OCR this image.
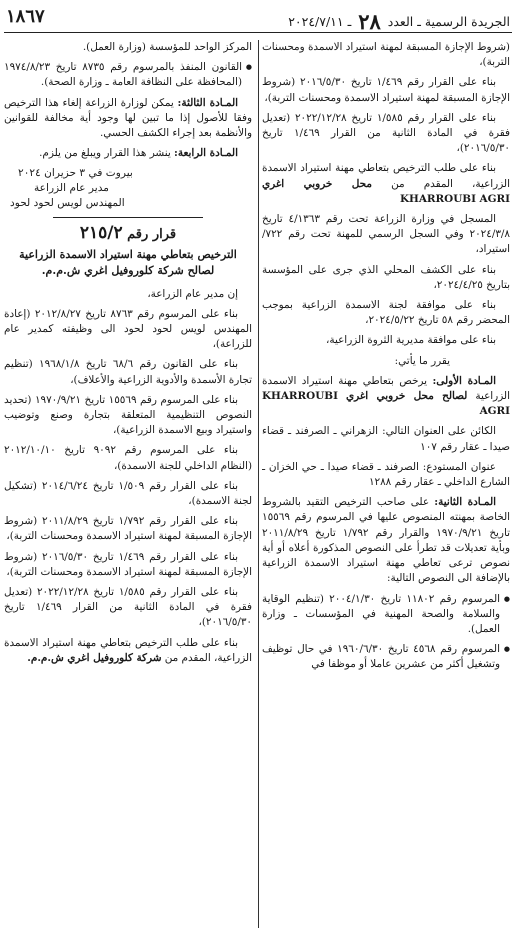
الجريدة الرسمية ـ العدد ٢٨ ـ ٢٠٢٤/٧/١١
١٨٦٧

(شروط الإجازة المسبقة لمهنة استيراد الاسمدة ومحسنات التربة)،

بناء على القرار رقم ١/٤٦٩ تاريخ ٢٠١٦/٥/٣٠ (شروط الإجازة المسبقة لمهنة استيراد الاسمدة ومحسنات التربة)،

بناء على القرار رقم ١/٥٨٥ تاريخ ٢٠٢٢/١٢/٢٨ (تعديل فقرة في المادة الثانية من القرار ١/٤٦٩ تاريخ ٢٠١٦/٥/٣٠)،

بناء على طلب الترخيص بتعاطي مهنة استيراد الاسمدة الزراعية، المقدم من محل خروبي اغري KHARROUBI AGRI

المسجل في وزارة الزراعة تحت رقم ٤/١٣٦٣ تاريخ ٢٠٢٤/٣/٨ وفي السجل الرسمي للمهنة تحت رقم ٧٢٢/استيراد،

بناء على الكشف المحلي الذي جرى على المؤسسة بتاريخ ٢٠٢٤/٤/٢٥،

بناء على موافقة لجنة الاسمدة الزراعية بموجب المحضر رقم ٥٨ تاريخ ٢٠٢٤/٥/٢٢،

بناء على موافقة مديرية الثروة الزراعية،

يقرر ما يأتي:

المـادة الأولى: يرخص بتعاطي مهنة استيراد الاسمدة الزراعية لصالح محل خروبي اغري KHARROUBI AGRI

الكائن على العنوان التالي: الزهراني ـ الصرفند ـ قضاء صيدا ـ عقار رقم ١٠٧

عنوان المستودع: الصرفند ـ قضاء صيدا ـ حي الخزان ـ الشارع الداخلي ـ عقار رقم ١٢٨٨

المـادة الثانية: على صاحب الترخيص التقيد بالشروط الخاصة بمهنته المنصوص عليها في المرسوم رقم ١٥٥٦٩ تاريخ ١٩٧٠/٩/٢١ والقرار رقم ١/٧٩٢ تاريخ ٢٠١١/٨/٢٩ وبأية تعديلات قد تطرأ على النصوص المذكورة أعلاه أو أية نصوص ترعى تعاطي مهنة استيراد الاسمدة الزراعية بالإضافة الى النصوص التالية:

● المرسوم رقم ١١٨٠٢ تاريخ ٢٠٠٤/١/٣٠ (تنظيم الوقاية والسلامة والصحة المهنية في المؤسسات ـ وزارة العمل).

● المرسوم رقم ٤٥٦٨ تاريخ ١٩٦٠/٦/٣٠ في حال توظيف وتشغيل أكثر من عشرين عاملا أو موظفا في

المركز الواحد للمؤسسة (وزارة العمل).

● القانون المنفذ بالمرسوم رقم ٨٧٣٥ تاريخ ١٩٧٤/٨/٢٣ (المحافظة على النظافة العامة ـ وزارة الصحة).

المـادة الثالثة: يمكن لوزارة الزراعة إلغاء هذا الترخيص وفقا للأصول إذا ما تبين لها وجود أية مخالفة للقوانين والأنظمة بعد إجراء الكشف الحسي.

المـادة الرابعة: ينشر هذا القرار ويبلغ من يلزم.

بيروت في ٣ حزيران ٢٠٢٤
مدير عام الزراعة
المهندس لويس لحود لحود
قرار رقم ٢١٥/٢
الترخيص بتعاطي مهنة استيراد الاسمدة الزراعية
لصالح شركة كلوروفيل اغري ش.م.م.

إن مدير عام الزراعة،

بناء على المرسوم رقم ٨٧٦٣ تاريخ ٢٠١٢/٨/٢٧ (إعادة المهندس لويس لحود لحود الى وظيفته كمدير عام للزراعة)،

بناء على القانون رقم ٦٨/٦ تاريخ ١٩٦٨/١/٨ (تنظيم تجارة الأسمدة والأدوية الزراعية والأعلاف)،

بناء على المرسوم رقم ١٥٥٦٩ تاريخ ١٩٧٠/٩/٢١ (تحديد النصوص التنظيمية المتعلقة بتجارة وصنع وتوضيب واستيراد وبيع الاسمدة الزراعية)،

بناء على المرسوم رقم ٩٠٩٢ تاريخ ٢٠١٢/١٠/١٠ (النظام الداخلي للجنة الاسمدة)،

بناء على القرار رقم ١/٥٠٩ تاريخ ٢٠١٤/٦/٢٤ (تشكيل لجنة الاسمدة)،

بناء على القرار رقم ١/٧٩٢ تاريخ ٢٠١١/٨/٢٩ (شروط الإجازة المسبقة لمهنة استيراد الاسمدة ومحسنات التربة)،

بناء على القرار رقم ١/٤٦٩ تاريخ ٢٠١٦/٥/٣٠ (شروط الإجازة المسبقة لمهنة استيراد الاسمدة ومحسنات التربة)،

بناء على القرار رقم ١/٥٨٥ تاريخ ٢٠٢٢/١٢/٢٨ (تعديل فقرة في المادة الثانية من القرار ١/٤٦٩ تاريخ ٢٠١٦/٥/٣٠)،

بناء على طلب الترخيص بتعاطي مهنة استيراد الاسمدة الزراعية، المقدم من شركة كلوروفيل اغري ش.م.م.
